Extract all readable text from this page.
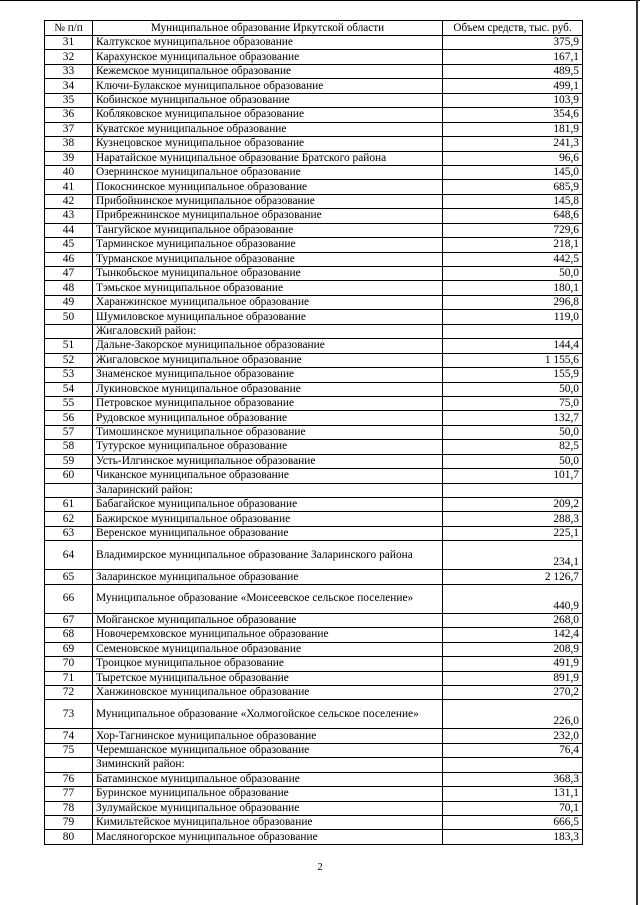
№ п/п	Муниципальное образование Иркутской области	Объем средств, тыс. руб.
31	Калтукское муниципальное образование	375,9
32	Карахунское муниципальное образование	167,1
33	Кежемское муниципальное образование	489,5
34	Ключи-Булакское муниципальное образование	499,1
35	Кобинское муниципальное образование	103,9
36	Кобляковское муниципальное образование	354,6
37	Куватское муниципальное образование	181,9
38	Кузнецовское муниципальное образование	241,3
39	Наратайское муниципальное образование Братского района	96,6
40	Озернинское муниципальное образование	145,0
41	Покоснинское муниципальное образование	685,9
42	Прибойнинское муниципальное образование	145,8
43	Прибрежнинское муниципальное образование	648,6
44	Тангуйское муниципальное образование	729,6
45	Тарминское муниципальное образование	218,1
46	Турманское муниципальное образование	442,5
47	Тынкобьское муниципальное образование	50,0
48	Тэмьское муниципальное образование	180,1
49	Харанжинское муниципальное образование	296,8
50	Шумиловское муниципальное образование	119,0
	Жигаловский район:	
51	Дальне-Закорское муниципальное образование	144,4
52	Жигаловское муниципальное образование	1 155,6
53	Знаменское муниципальное образование	155,9
54	Лукиновское муниципальное образование	50,0
55	Петровское муниципальное образование	75,0
56	Рудовское муниципальное образование	132,7
57	Тимошинское муниципальное образование	50,0
58	Тутурское муниципальное образование	82,5
59	Усть-Илгинское муниципальное образование	50,0
60	Чиканское муниципальное образование	101,7
	Заларинский район:	
61	Бабагайское муниципальное образование	209,2
62	Бажирское муниципальное образование	288,3
63	Веренское муниципальное образование	225,1
64	Владимирское муниципальное образование Заларинского района	234,1
65	Заларинское муниципальное образование	2 126,7
66	Муниципальное образование «Моисеевское сельское поселение»	440,9
67	Мойганское муниципальное образование	268,0
68	Новочеремховское муниципальное образование	142,4
69	Семеновское муниципальное образование	208,9
70	Троицкое муниципальное образование	491,9
71	Тыретское муниципальное образование	891,9
72	Ханжиновское муниципальное образование	270,2
73	Муниципальное образование «Холмогойское сельское поселение»	226,0
74	Хор-Тагнинское муниципальное образование	232,0
75	Черемшанское муниципальное образование	76,4
	Зиминский район:	
76	Батаминское муниципальное образование	368,3
77	Буринское муниципальное образование	131,1
78	Зулумайское муниципальное образование	70,1
79	Кимильтейское муниципальное образование	666,5
80	Масляногорское муниципальное образование	183,3
2
